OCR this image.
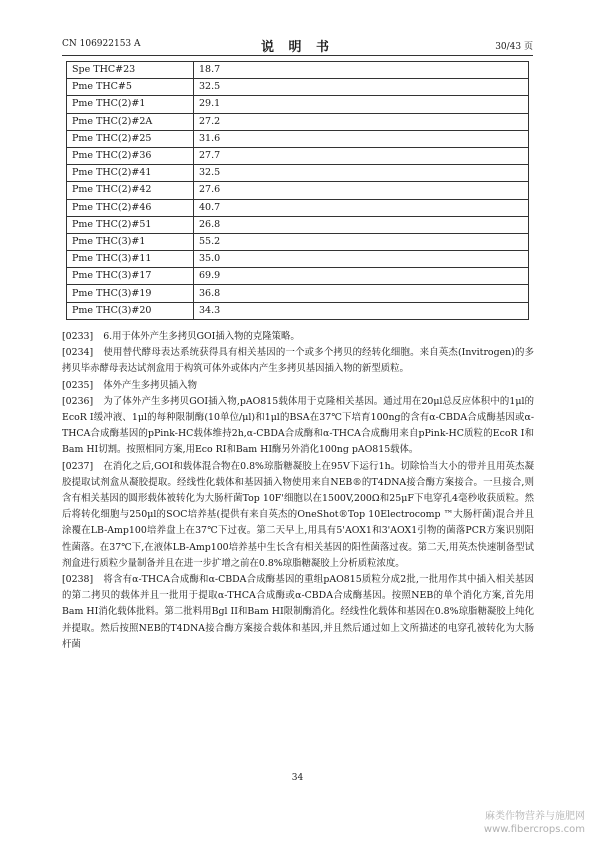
CN 106922153 A	说 明 书	30/43 页
Spe THC#23	18.7
Pme THC#5	32.5
Pme THC(2)#1	29.1
Pme THC(2)#2A	27.2
Pme THC(2)#25	31.6
Pme THC(2)#36	27.7
Pme THC(2)#41	32.5
Pme THC(2)#42	27.6
Pme THC(2)#46	40.7
Pme THC(2)#51	26.8
Pme THC(3)#1	55.2
Pme THC(3)#11	35.0
Pme THC(3)#17	69.9
Pme THC(3)#19	36.8
Pme THC(3)#20	34.3

[0233] 6.用于体外产生多拷贝GOI插入物的克隆策略。

[0234] 使用替代酵母表达系统获得具有相关基因的一个或多个拷贝的经转化细胞。来自英杰(Invitrogen)的多拷贝毕赤酵母表达试剂盒用于构筑可体外或体内产生多拷贝基因插入物的新型质粒。

[0235] 体外产生多拷贝插入物

[0236] 为了体外产生多拷贝GOI插入物,pAO815载体用于克隆相关基因。通过用在20μl总反应体积中的1μl的EcoR I缓冲液、1μl的每种限制酶(10单位/μl)和1μl的BSA在37℃下培育100ng的含有α-CBDA合成酶基因或α-THCA合成酶基因的pPink-HC载体维持2h,α-CBDA合成酶和α-THCA合成酶用来自pPink-HC质粒的EcoR I和Bam HI切割。按照相同方案,用Eco RI和Bam HI酶另外消化100ng pAO815载体。

[0237] 在消化之后,GOI和载体混合物在0.8%琼脂糖凝胶上在95V下运行1h。切除恰当大小的带并且用英杰凝胶提取试剂盒从凝胶提取。经线性化载体和基因插入物使用来自NEB®的T4DNA接合酶方案接合。一旦接合,则含有相关基因的圆形载体被转化为大肠杆菌Top 10F'细胞以在1500V,200Ω和25μF下电穿孔4毫秒收获质粒。然后将转化细胞与250μl的SOC培养基(提供有来自英杰的OneShot®Top 10Electrocomp ™大肠杆菌)混合并且涂覆在LB-Amp100培养盘上在37℃下过夜。第二天早上,用具有5'AOX1和3'AOX1引物的菌落PCR方案识别阳性菌落。在37℃下,在液体LB-Amp100培养基中生长含有相关基因的阳性菌落过夜。第二天,用英杰快速制备型试剂盒进行质粒少量制备并且在进一步扩增之前在0.8%琼脂糖凝胶上分析质粒浓度。

[0238] 将含有α-THCA合成酶和α-CBDA合成酶基因的重组pAO815质粒分成2批,一批用作其中插入相关基因的第二拷贝的载体并且一批用于提取α-THCA合成酶或α-CBDA合成酶基因。按照NEB的单个消化方案,首先用Bam HI消化载体批料。第二批料用Bgl II和Bam HI限制酶消化。经线性化载体和基因在0.8%琼脂糖凝胶上纯化并提取。然后按照NEB的T4DNA接合酶方案接合载体和基因,并且然后通过如上文所描述的电穿孔被转化为大肠杆菌

34
麻类作物营养与施肥网
www.fibercrops.com
